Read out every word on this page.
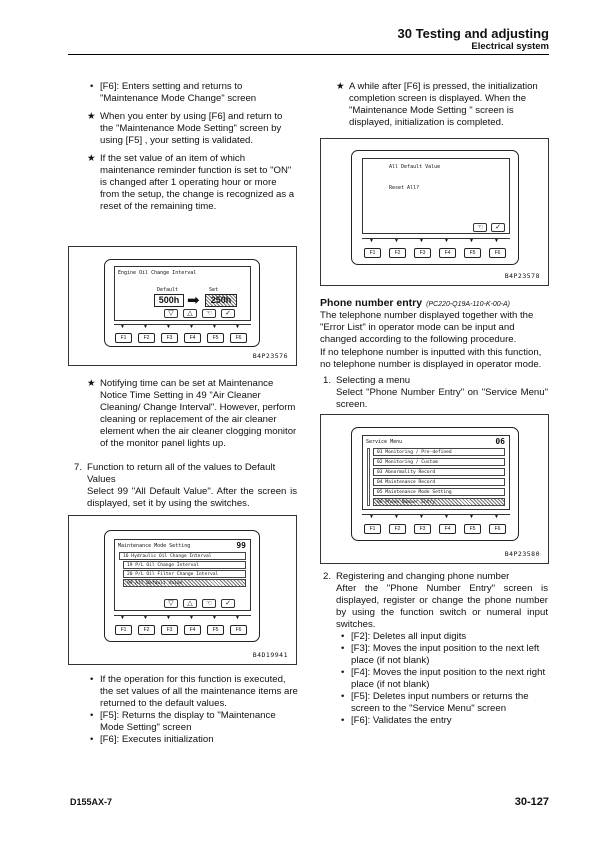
30 Testing and adjusting
Electrical system
• [F6]: Enters setting and returns to "Maintenance Mode Change" screen
★ When you enter by using [F6] and return to the "Maintenance Mode Setting" screen by using [F5] , your setting is validated.
★ If the set value of an item of which maintenance reminder function is set to "ON" is changed after 1 operating hour or more from the setup, the change is recognized as a reset of the remaining time.
Engine Oil Change Interval
Default	Set
500h ➡	250h
▽	△	☜	✓
▼	▼	▼	▼	▼	▼
F1	F2	F3	F4	F5	F6
B4P23576
★ Notifying time can be set at Maintenance Notice Time Setting in 49 "Air Cleaner Cleaning/ Change Interval". However, perform cleaning or replacement of the air cleaner element when the air cleaner clogging monitor of the monitor panel lights up.
7. Function to return all of the values to Default Values
Select 99 "All Default Value". After the screen is displayed, set it by using the switches.
Maintenance Mode Setting	99
16 Hydraulic Oil Change Interval
19 P/L Oil Change Interval
20 P/L Oil Filter Change Interval
99 All Default Value
▽	△	☜	✓
▼	▼	▼	▼	▼	▼
F1	F2	F3	F4	F5	F6
B4D19941
• If the operation for this function is executed, the set values of all the maintenance items are returned to the default values.
• [F5]: Returns the display to "Maintenance Mode Setting" screen
• [F6]: Executes initialization
★ A while after [F6] is pressed, the initialization completion screen is displayed. When the "Maintenance Mode Setting " screen is displayed, initialization is completed.
All Default Value
Reset All?
☜	✓
▼	▼	▼	▼	▼	▼
F1	F2	F3	F4	F5	F6
B4P23578
Phone number entry (PC220-Q19A-110-K-00-A)
The telephone number displayed together with the "Error List" in operator mode can be input and changed according to the following procedure.
If no telephone number is inputted with this function, no telephone number is displayed in operator mode.
1. Selecting a menu
Select "Phone Number Entry" on "Service Menu" screen.
Service Menu	06
01 Monitoring / Pre-defined
02 Monitoring / Custom
03 Abnormality Record
04 Maintenance Record
05 Maintenance Mode Setting
06 Phone Number Entry
▼	▼	▼	▼	▼	▼
F1	F2	F3	F4	F5	F6
B4P23580
2. Registering and changing phone number
After the "Phone Number Entry" screen is displayed, register or change the phone number by using the function switch or numeral input switches.
• [F2]: Deletes all input digits
• [F3]: Moves the input position to the next left place (if not blank)
• [F4]: Moves the input position to the next right place (if not blank)
• [F5]: Deletes input numbers or returns the screen to the "Service Menu" screen
• [F6]: Validates the entry
D155AX-7	30-127
